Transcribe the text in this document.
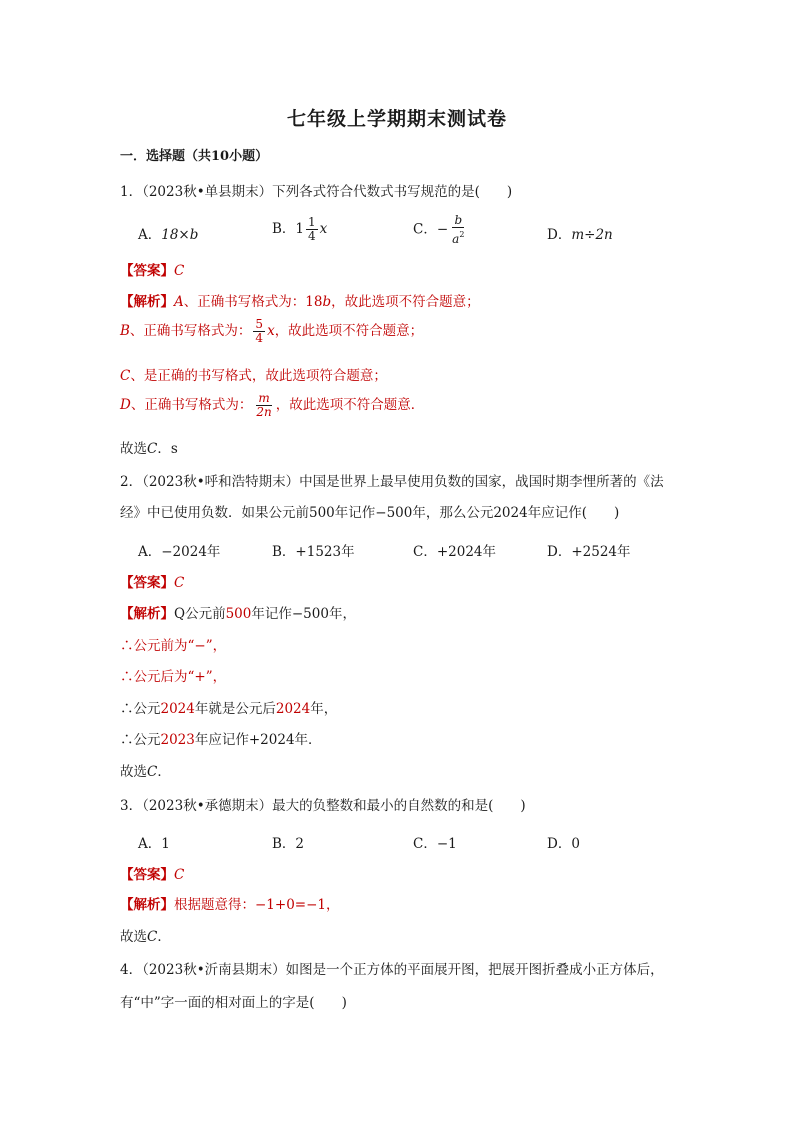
七年级上学期期末测试卷
一．选择题（共10小题）
1．（2023秋•单县期末）下列各式符合代数式书写规范的是(　　)
A．18×b	B．$1 \frac{1}{4}$ x	C．− $\frac{b}{a^2}$	D．m÷2n
【答案】C
【解析】A、正确书写格式为：18b，故此选项不符合题意；
B、正确书写格式为： $\frac{5}{4}$ x，故此选项不符合题意；
C、是正确的书写格式，故此选项符合题意；
D、正确书写格式为： $\frac{m}{2n}$ ，故此选项不符合题意．
故选C．s
2．（2023秋•呼和浩特期末）中国是世界上最早使用负数的国家，战国时期李悝所著的《法
经》中已使用负数．如果公元前500年记作−500年，那么公元2024年应记作(　　)
A．−2024年	B．+1523年	C．+2024年	D．+2524年
【答案】C
【解析】Q公元前500年记作−500年，
∴公元前为“−”，
∴公元后为“+”，
∴公元2024年就是公元后2024年，
∴公元2023年应记作+2024年．
故选C．
3．（2023秋•承德期末）最大的负整数和最小的自然数的和是(　　)
A．1	B．2	C．−1	D．0
【答案】C
【解析】根据题意得：−1+0=−1，
故选C．
4．（2023秋•沂南县期末）如图是一个正方体的平面展开图，把展开图折叠成小正方体后，
有“中”字一面的相对面上的字是(　　)
